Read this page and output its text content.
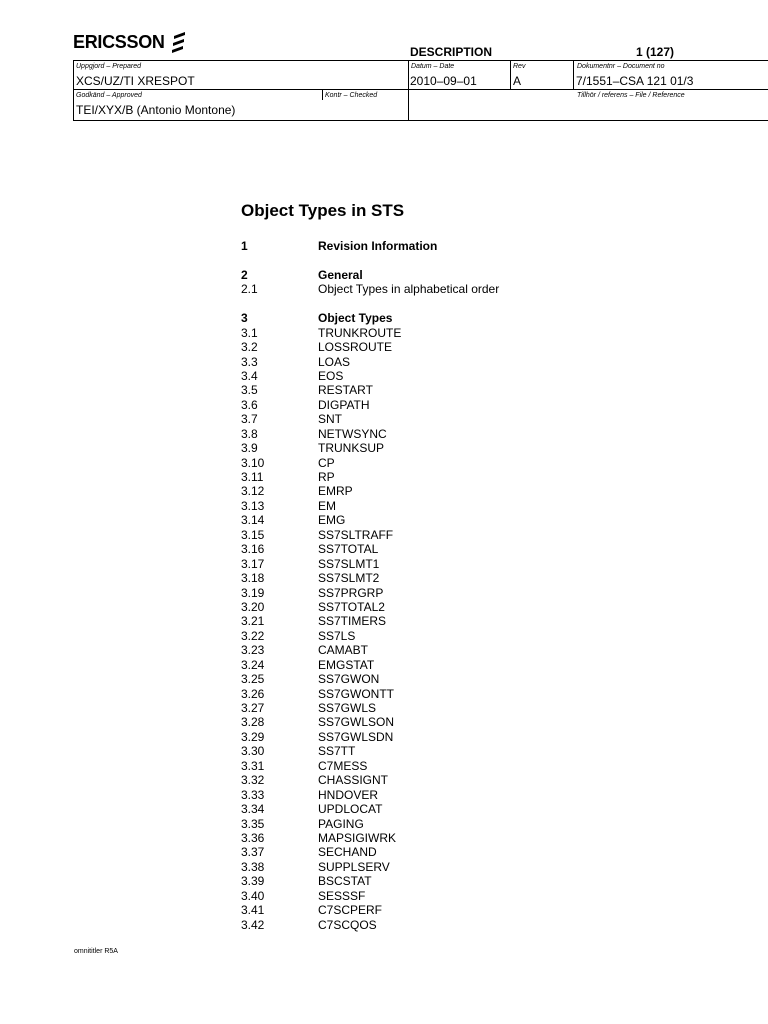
ERICSSON
DESCRIPTION	1 (127)
Uppgjord – Prepared
XCS/UZ/TI XRESPOT
Datum – Date
2010–09–01
Rev
A
Dokumentnr – Document no
7/1551–CSA 121 01/3
Godkänd – Approved
TEI/XYX/B (Antonio Montone)
Kontr – Checked	Tillhör / referens – File / Reference
Object Types in STS
1	Revision Information
2	General
2.1	Object Types in alphabetical order
3	Object Types
3.1	TRUNKROUTE
3.2	LOSSROUTE
3.3	LOAS
3.4	EOS
3.5	RESTART
3.6	DIGPATH
3.7	SNT
3.8	NETWSYNC
3.9	TRUNKSUP
3.10	CP
3.11	RP
3.12	EMRP
3.13	EM
3.14	EMG
3.15	SS7SLTRAFF
3.16	SS7TOTAL
3.17	SS7SLMT1
3.18	SS7SLMT2
3.19	SS7PRGRP
3.20	SS7TOTAL2
3.21	SS7TIMERS
3.22	SS7LS
3.23	CAMABT
3.24	EMGSTAT
3.25	SS7GWON
3.26	SS7GWONTT
3.27	SS7GWLS
3.28	SS7GWLSON
3.29	SS7GWLSDN
3.30	SS7TT
3.31	C7MESS
3.32	CHASSIGNT
3.33	HNDOVER
3.34	UPDLOCAT
3.35	PAGING
3.36	MAPSIGIWRK
3.37	SECHAND
3.38	SUPPLSERV
3.39	BSCSTAT
3.40	SESSSF
3.41	C7SCPERF
3.42	C7SCQOS
omnititler R5A
